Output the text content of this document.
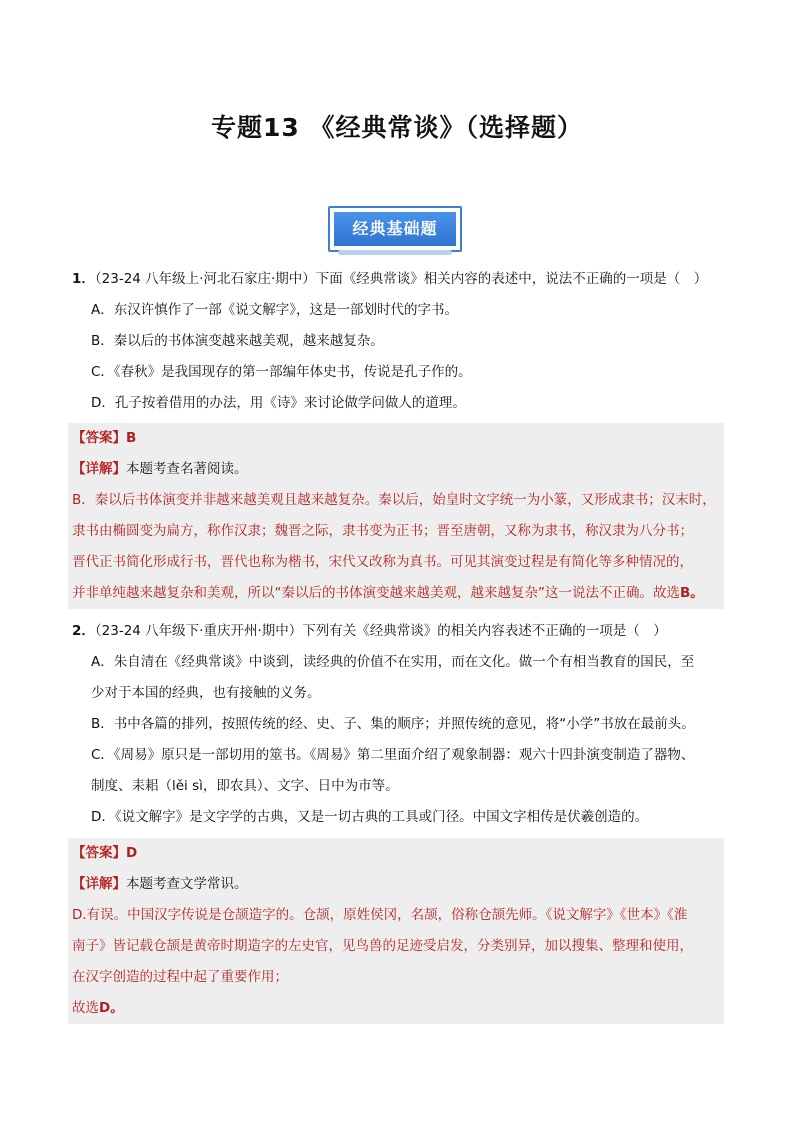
专题13 《经典常谈》（选择题）
经典基础题
1．（23-24 八年级上·河北石家庄·期中）下面《经典常谈》相关内容的表述中，说法不正确的一项是（　）
A．东汉许慎作了一部《说文解字》，这是一部划时代的字书。
B．秦以后的书体演变越来越美观，越来越复杂。
C．《春秋》是我国现存的第一部编年体史书，传说是孔子作的。
D．孔子按着借用的办法，用《诗》来讨论做学问做人的道理。
【答案】B
【详解】本题考查名著阅读。
B．秦以后书体演变并非越来越美观且越来越复杂。秦以后，始皇时文字统一为小篆，又形成隶书；汉末时，
隶书由椭圆变为扁方，称作汉隶；魏晋之际，隶书变为正书；晋至唐朝，又称为隶书，称汉隶为八分书；
晋代正书简化形成行书，晋代也称为楷书，宋代又改称为真书。可见其演变过程是有简化等多种情况的，
并非单纯越来越复杂和美观，所以“秦以后的书体演变越来越美观，越来越复杂”这一说法不正确。故选B。
2．（23-24 八年级下·重庆开州·期中）下列有关《经典常谈》的相关内容表述不正确的一项是（　）
A．朱自清在《经典常谈》中谈到，读经典的价值不在实用，而在文化。做一个有相当教育的国民，至
少对于本国的经典，也有接触的义务。
B．书中各篇的排列，按照传统的经、史、子、集的顺序；并照传统的意见，将“小学”书放在最前头。
C．《周易》原只是一部切用的筮书。《周易》第二里面介绍了观象制器：观六十四卦演变制造了器物、
制度、耒耜（lěi sì，即农具）、文字、日中为市等。
D．《说文解字》是文字学的古典，又是一切古典的工具或门径。中国文字相传是伏羲创造的。
【答案】D
【详解】本题考查文学常识。
D.有误。中国汉字传说是仓颉造字的。仓颉，原姓侯冈，名颉，俗称仓颉先师。《说文解字》《世本》《淮
南子》皆记载仓颉是黄帝时期造字的左史官，见鸟兽的足迹受启发，分类别异，加以搜集、整理和使用，
在汉字创造的过程中起了重要作用；
故选D。
